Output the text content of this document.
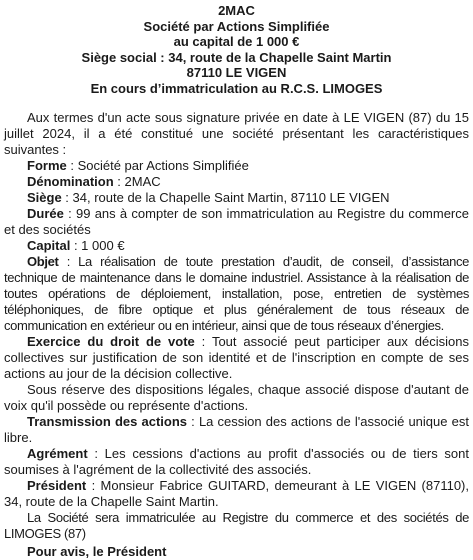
2MAC
Société par Actions Simplifiée
au capital de 1 000 €
Siège social : 34, route de la Chapelle Saint Martin
87110 LE VIGEN
En cours d’immatriculation au R.C.S. LIMOGES

Aux termes d'un acte sous signature privée en date à LE VIGEN (87) du 15 juillet 2024, il a été constitué une société présentant les caractéristiques suivantes :

Forme : Société par Actions Simplifiée

Dénomination : 2MAC

Siège : 34, route de la Chapelle Saint Martin, 87110 LE VIGEN

Durée : 99 ans à compter de son immatriculation au Registre du commerce et des sociétés

Capital : 1 000 €

Objet : La réalisation de toute prestation d’audit, de conseil, d’assistance technique de maintenance dans le domaine industriel. Assistance à la réalisation de toutes opérations de déploiement, installation, pose, entretien de systèmes téléphoniques, de fibre optique et plus généralement de tous réseaux de communication en extérieur ou en intérieur, ainsi que de tous réseaux d’énergies.

Exercice du droit de vote : Tout associé peut participer aux décisions collectives sur justification de son identité et de l'inscription en compte de ses actions au jour de la décision collective.

Sous réserve des dispositions légales, chaque associé dispose d'autant de voix qu'il possède ou représente d'actions.

Transmission des actions : La cession des actions de l'associé unique est libre.

Agrément : Les cessions d'actions au profit d'associés ou de tiers sont soumises à l'agrément de la collectivité des associés.

Président : Monsieur Fabrice GUITARD, demeurant à LE VIGEN (87110), 34, route de la Chapelle Saint Martin.

La Société sera immatriculée au Registre du commerce et des sociétés de LIMOGES (87)

Pour avis, le Président
